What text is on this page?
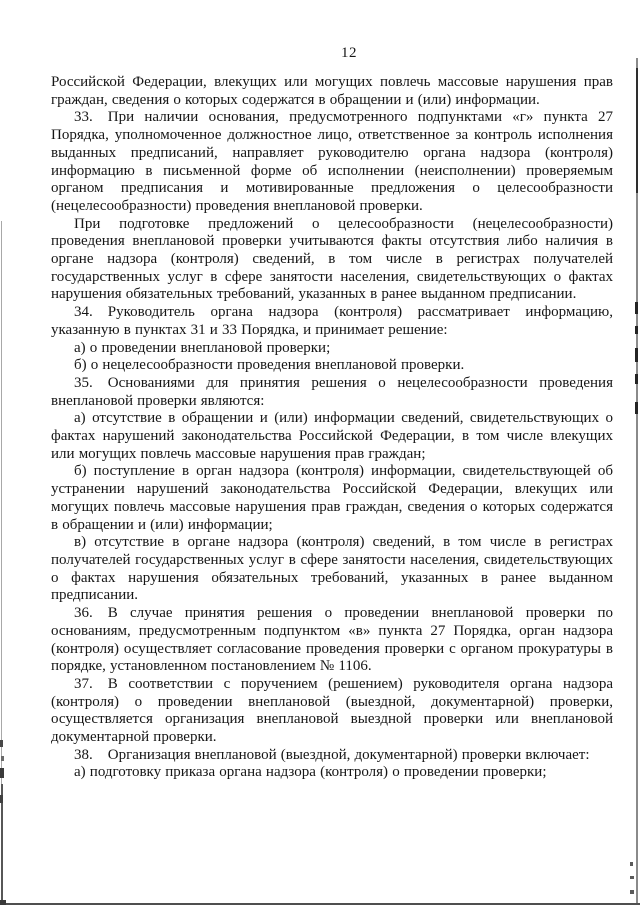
12

Российской Федерации, влекущих или могущих повлечь массовые нарушения прав граждан, сведения о которых содержатся в обращении и (или) информации.

33. При наличии основания, предусмотренного подпунктами «г» пункта 27 Порядка, уполномоченное должностное лицо, ответственное за контроль исполнения выданных предписаний, направляет руководителю органа надзора (контроля) информацию в письменной форме об исполнении (неисполнении) проверяемым органом предписания и мотивированные предложения о целесообразности (нецелесообразности) проведения внеплановой проверки.

При подготовке предложений о целесообразности (нецелесообразности) проведения внеплановой проверки учитываются факты отсутствия либо наличия в органе надзора (контроля) сведений, в том числе в регистрах получателей государственных услуг в сфере занятости населения, свидетельствующих о фактах нарушения обязательных требований, указанных в ранее выданном предписании.

34. Руководитель органа надзора (контроля) рассматривает информацию, указанную в пунктах 31 и 33 Порядка, и принимает решение:

а) о проведении внеплановой проверки;

б) о нецелесообразности проведения внеплановой проверки.

35. Основаниями для принятия решения о нецелесообразности проведения внеплановой проверки являются:

а) отсутствие в обращении и (или) информации сведений, свидетельствующих о фактах нарушений законодательства Российской Федерации, в том числе влекущих или могущих повлечь массовые нарушения прав граждан;

б) поступление в орган надзора (контроля) информации, свидетельствующей об устранении нарушений законодательства Российской Федерации, влекущих или могущих повлечь массовые нарушения прав граждан, сведения о которых содержатся в обращении и (или) информации;

в) отсутствие в органе надзора (контроля) сведений, в том числе в регистрах получателей государственных услуг в сфере занятости населения, свидетельствующих о фактах нарушения обязательных требований, указанных в ранее выданном предписании.

36. В случае принятия решения о проведении внеплановой проверки по основаниям, предусмотренным подпунктом «в» пункта 27 Порядка, орган надзора (контроля) осуществляет согласование проведения проверки с органом прокуратуры в порядке, установленном постановлением № 1106.

37. В соответствии с поручением (решением) руководителя органа надзора (контроля) о проведении внеплановой (выездной, документарной) проверки, осуществляется организация внеплановой выездной проверки или внеплановой документарной проверки.

38. Организация внеплановой (выездной, документарной) проверки включает:

а) подготовку приказа органа надзора (контроля) о проведении проверки;
